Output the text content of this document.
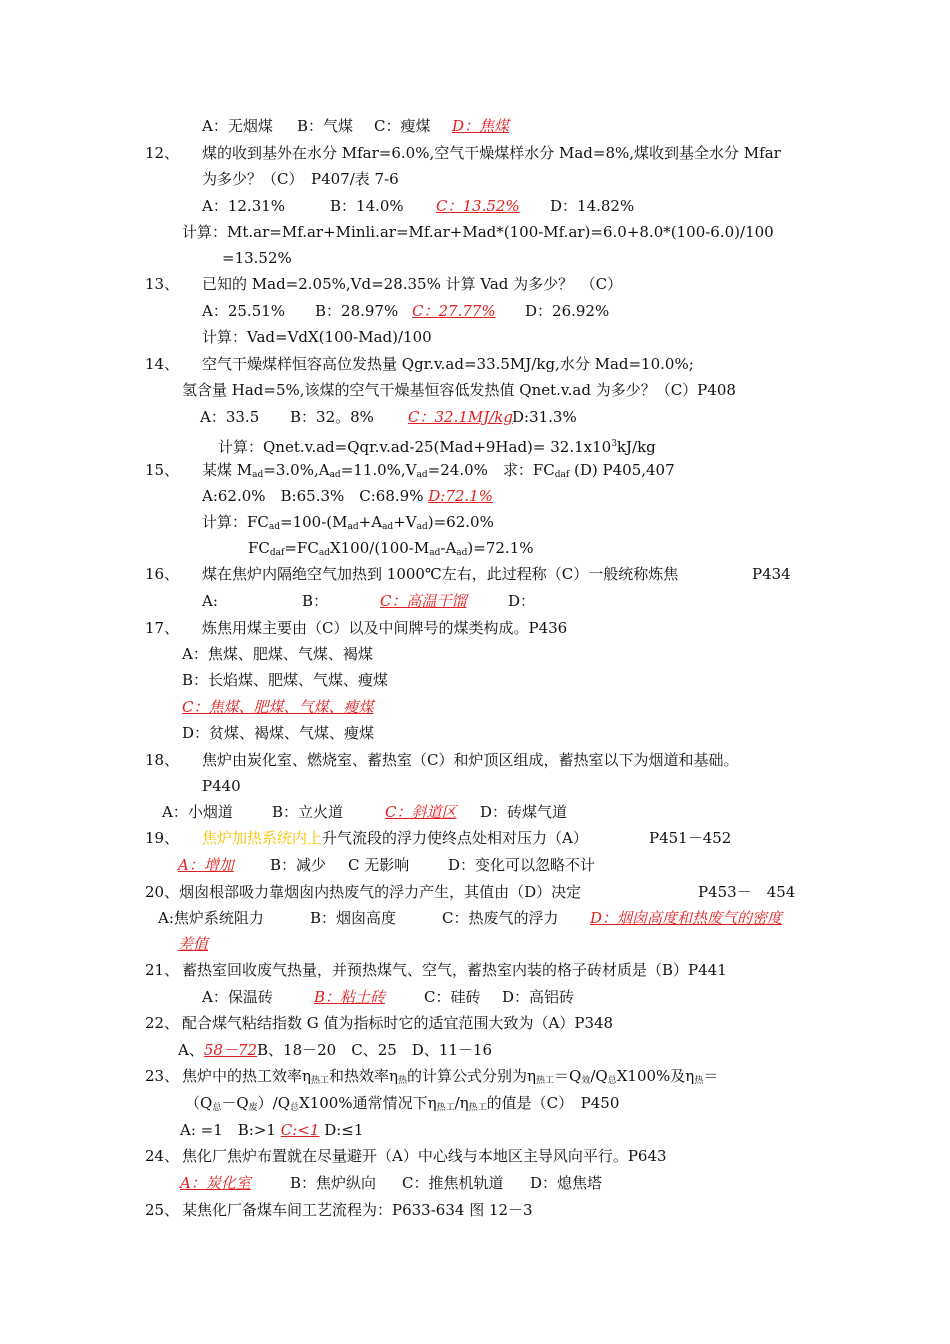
A：无烟煤 B：气煤 C：瘦煤 D：焦煤
12、 煤的收到基外在水分 Mfar=6.0%,空气干燥煤样水分 Mad=8%,煤收到基全水分 Mfar
为多少？（C）　P407/表 7-6
A：12.31%	B：14.0% C：13.52% D：14.82%
计算：Mt.ar=Mf.ar+Minli.ar=Mf.ar+Mad*(100-Mf.ar)=6.0+8.0*(100-6.0)/100
=13.52%
13、 已知的 Mad=2.05%,Vd=28.35% 计算 Vad 为多少？　（C）
A：25.51% B：28.97% C：27.77% D：26.92%
计算：Vad=VdX(100-Mad)/100
14、 空气干燥煤样恒容高位发热量 Qgr.v.ad=33.5MJ/kg,水分 Mad=10.0%;
氢含量 Had=5%,该煤的空气干燥基恒容低发热值 Qnet.v.ad 为多少？（C）P408
A：33.5 B：32。8% C：32.1MJ/kg D:31.3%
计算：Qnet.v.ad=Qqr.v.ad-25(Mad+9Had)= $32.1x10^3kJ/kg$
15、 某煤 $M_{ad}=3.0\%,A_{ad}=11.0\%,V_{ad}=24.0\%$　求：$FC_{daf}$ (D) P405,407
A:62.0%　B:65.3%　C:68.9% D:72.1%
计算：$FC_{ad}=100-(M_{ad}+A_{ad}+V_{ad})=62.0\%$
$FC_{daf}=FC_{ad}X100/(100-M_{ad}-A_{ad})=72.1\%$
16、 煤在焦炉内隔绝空气加热到 1000℃左右，此过程称（C）一般统称炼焦	P434
A:	B：	C：高温干馏	D：
17、 炼焦用煤主要由（C）以及中间牌号的煤类构成。P436
A：焦煤、肥煤、气煤、褐煤
B：长焰煤、肥煤、气煤、瘦煤
C：焦煤、肥煤、气煤、瘦煤
D：贫煤、褐煤、气煤、瘦煤
18、 焦炉由炭化室、燃烧室、蓄热室（C）和炉顶区组成，蓄热室以下为烟道和基础。
P440
A：小烟道	B：立火道	C：斜道区 D：砖煤气道
19、 焦炉加热系统内上升气流段的浮力使终点处相对压力（A）	P451－452
A：增加 B：减少 C 无影响	D：变化可以忽略不计
20、烟囱根部吸力靠烟囱内热废气的浮力产生，其值由（D）决定	P453－　454
A:焦炉系统阻力	B：烟囱高度	C：热废气的浮力 D：烟囱高度和热废气的密度
差值
21、 蓄热室回收废气热量，并预热煤气、空气，蓄热室内装的格子砖材质是（B）P441
A：保温砖	B：粘土砖	C：硅砖 D：高铝砖
22、 配合煤气粘结指数 G 值为指标时它的适宜范围大致为（A）P348
A、58－72B、18－20　C、25　D、11－16
23、 焦炉中的热工效率$\eta_{热工}$和热效率$\eta_热$的计算公式分别为$\eta_{热工}=Q_效/Q_总X100\%$及$\eta_热=$
$(Q_总-Q_废)/Q_总X100\%$通常情况下$\eta_{热工}/\eta_{热工}$的值是（C）　P450
A: =1　B:>1 C:<1 D:≤1
24、 焦化厂焦炉布置就在尽量避开（A）中心线与本地区主导风向平行。P643
A：炭化室	B：焦炉纵向 C：推焦机轨道 D：熄焦塔
25、 某焦化厂备煤车间工艺流程为：P633-634 图 12－3
